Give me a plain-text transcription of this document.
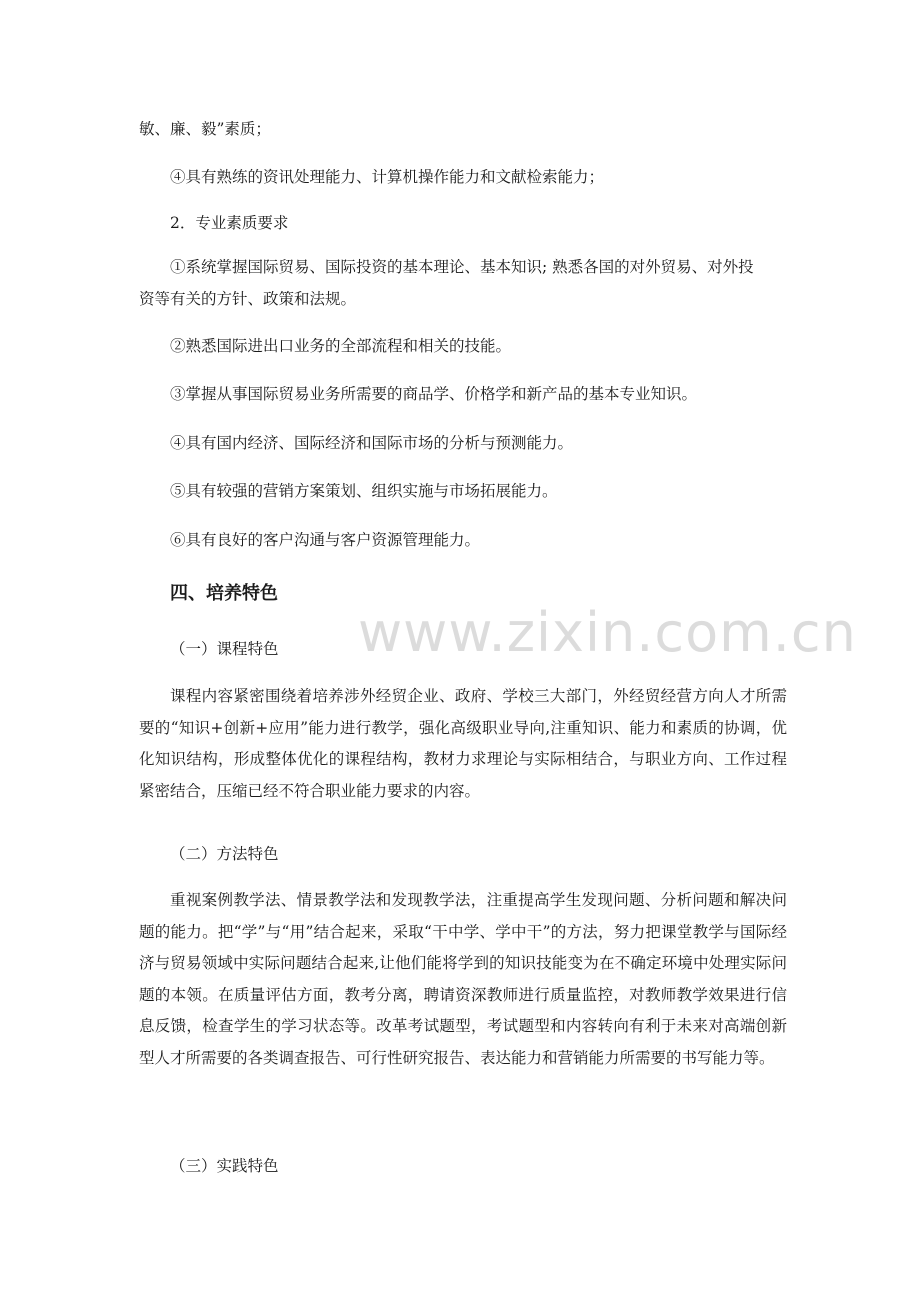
敏、廉、毅”素质；
④具有熟练的资讯处理能力、计算机操作能力和文献检索能力；
2．专业素质要求
①系统掌握国际贸易、国际投资的基本理论、基本知识; 熟悉各国的对外贸易、对外投
资等有关的方针、政策和法规。
②熟悉国际进出口业务的全部流程和相关的技能。
③掌握从事国际贸易业务所需要的商品学、价格学和新产品的基本专业知识。
④具有国内经济、国际经济和国际市场的分析与预测能力。
⑤具有较强的营销方案策划、组织实施与市场拓展能力。
⑥具有良好的客户沟通与客户资源管理能力。
四、培养特色
www.zixin.com.cn
（一）课程特色
课程内容紧密围绕着培养涉外经贸企业、政府、学校三大部门，外经贸经营方向人才所需要的“知识+创新+应用”能力进行教学，强化高级职业导向,注重知识、能力和素质的协调，优化知识结构，形成整体优化的课程结构，教材力求理论与实际相结合，与职业方向、工作过程紧密结合，压缩已经不符合职业能力要求的内容。
（二）方法特色
重视案例教学法、情景教学法和发现教学法，注重提高学生发现问题、分析问题和解决问题的能力。把“学”与“用”结合起来，采取“干中学、学中干”的方法，努力把课堂教学与国际经济与贸易领域中实际问题结合起来,让他们能将学到的知识技能变为在不确定环境中处理实际问题的本领。在质量评估方面，教考分离，聘请资深教师进行质量监控，对教师教学效果进行信息反馈，检查学生的学习状态等。改革考试题型，考试题型和内容转向有利于未来对高端创新型人才所需要的各类调查报告、可行性研究报告、表达能力和营销能力所需要的书写能力等。
（三）实践特色
